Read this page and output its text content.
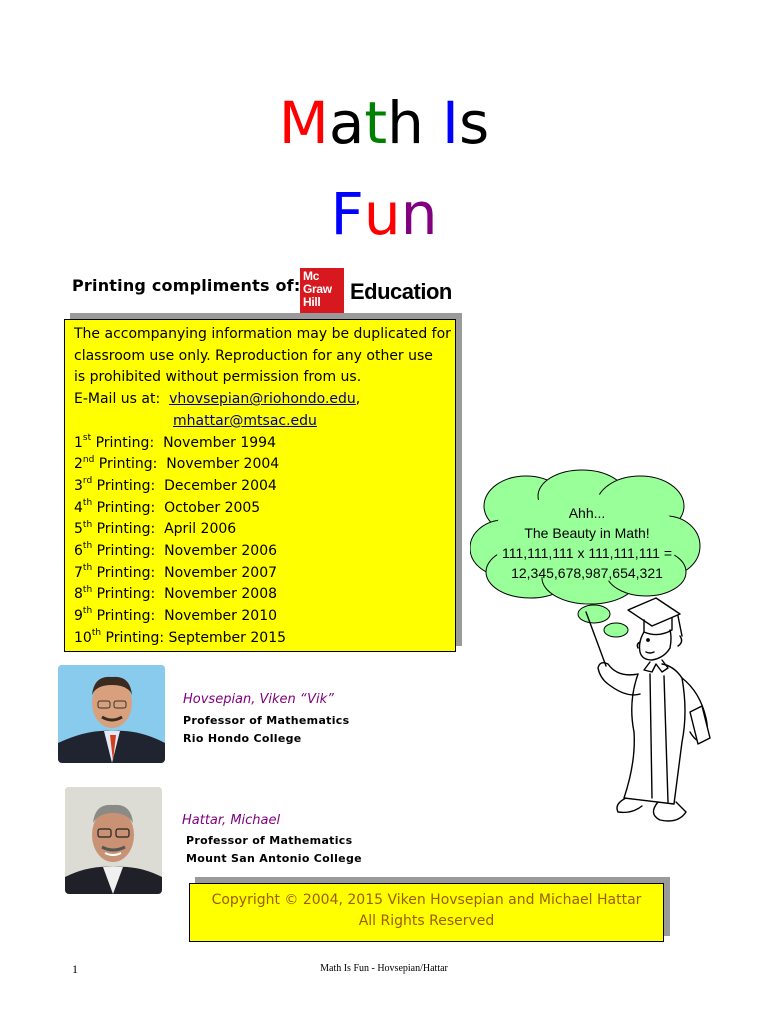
Math Is
Fun
Printing compliments of: Mc
Graw
Hill	Education
The accompanying information may be duplicated for
classroom use only. Reproduction for any other use
is prohibited without permission from us.
E-Mail us at: vhovsepian@riohondo.edu,
mhattar@mtsac.edu
1st Printing: November 1994
2nd Printing: November 2004
3rd Printing: December 2004
4th Printing: October 2005
5th Printing: April 2006
6th Printing: November 2006
7th Printing: November 2007
8th Printing: November 2008
9th Printing: November 2010
10th Printing: September 2015
Ahh...
The Beauty in Math!
111,111,111 x 111,111,111 =
12,345,678,987,654,321
Hovsepian, Viken “Vik”
Professor of Mathematics
Rio Hondo College
Hattar, Michael
Professor of Mathematics
Mount San Antonio College
Copyright © 2004, 2015 Viken Hovsepian and Michael Hattar
All Rights Reserved
1	Math Is Fun - Hovsepian/Hattar
